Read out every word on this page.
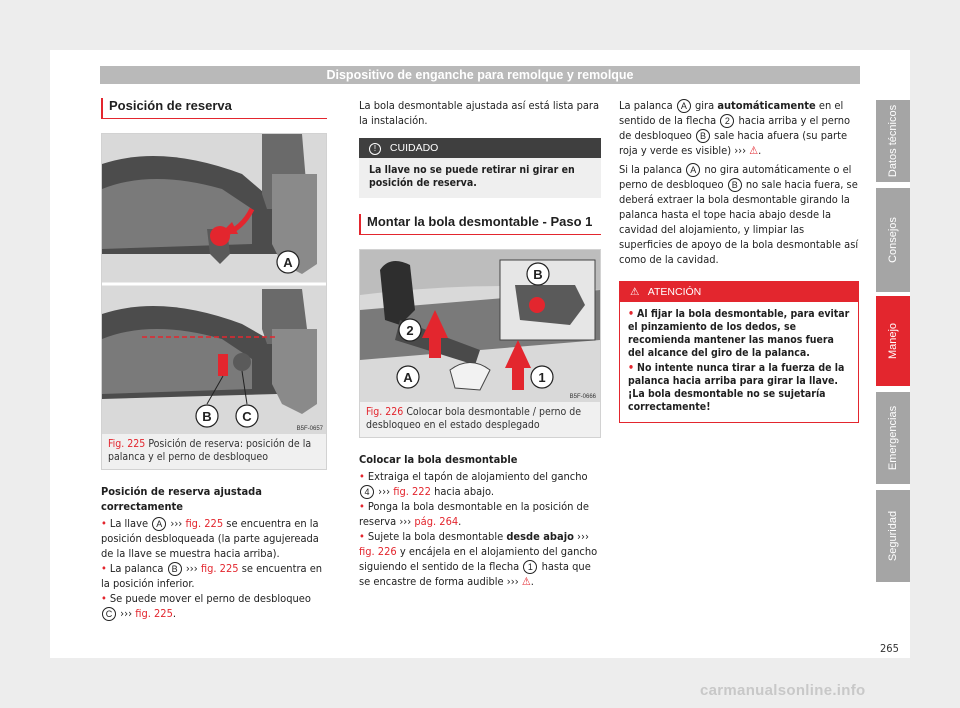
Dispositivo de enganche para remolque y remolque
Datos técnicos
Consejos
Manejo
Emergencias
Seguridad
Posición de reserva
A
B C
B5F-0657
Fig. 225 Posición de reserva: posición de la palanca y el perno de desbloqueo

Posición de reserva ajustada correctamente

• La llave A ››› fig. 225 se encuentra en la posición desbloqueada (la parte agujereada de la llave se muestra hacia arriba).

• La palanca B ››› fig. 225 se encuentra en la posición inferior.

• Se puede mover el perno de desbloqueo C ››› fig. 225.

La bola desmontable ajustada así está lista para la instalación.

! CUIDADO
La llave no se puede retirar ni girar en posición de reserva.
Montar la bola desmontable - Paso 1
B
A	1
2
B5F-0666
Fig. 226 Colocar bola desmontable / perno de desbloqueo en el estado desplegado

Colocar la bola desmontable

• Extraiga el tapón de alojamiento del gancho 4 ››› fig. 222 hacia abajo.

• Ponga la bola desmontable en la posición de reserva ››› pág. 264.

• Sujete la bola desmontable desde abajo ››› fig. 226 y encájela en el alojamiento del gancho siguiendo el sentido de la flecha 1 hasta que se encastre de forma audible ››› ⚠.

La palanca A gira automáticamente en el sentido de la flecha 2 hacia arriba y el perno de desbloqueo B sale hacia afuera (su parte roja y verde es visible) ››› ⚠.

Si la palanca A no gira automáticamente o el perno de desbloqueo B no sale hacia fuera, se deberá extraer la bola desmontable girando la palanca hasta el tope hacia abajo desde la cavidad del alojamiento, y limpiar las superficies de apoyo de la bola desmontable así como de la cavidad.

⚠ ATENCIÓN

• Al fijar la bola desmontable, para evitar el pinzamiento de los dedos, se recomienda mantener las manos fuera del alcance del giro de la palanca.

• No intente nunca tirar a la fuerza de la palanca hacia arriba para girar la llave. ¡La bola desmontable no se sujetaría correctamente!

265
carmanualsonline.info
